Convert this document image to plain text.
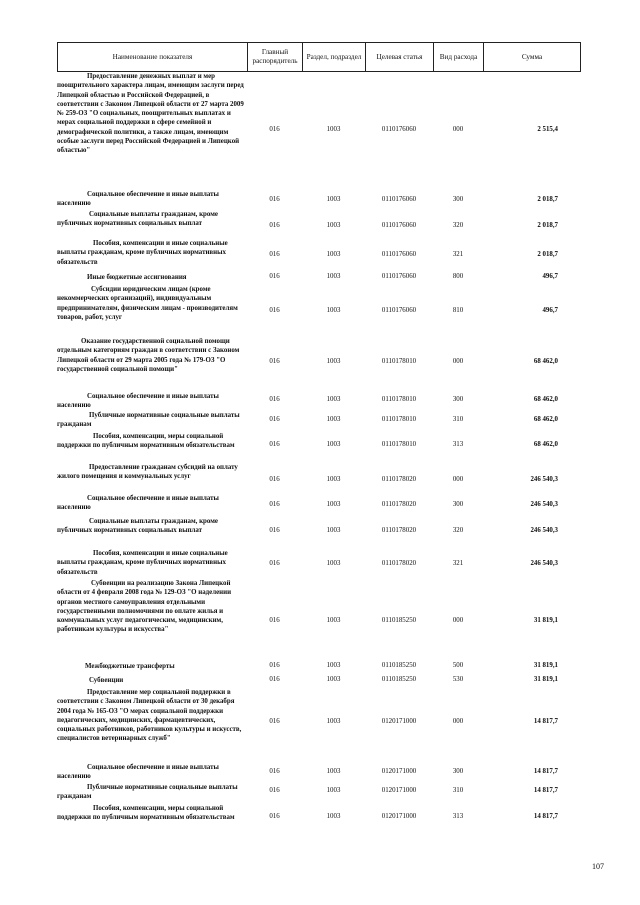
Наименование показателя	Главный распорядитель	Раздел, подраздел	Целевая статья	Вид расхода	Сумма
Предоставление денежных выплат и мер поощрительного характера лицам, имеющим заслуги перед Липецкой областью и Российской Федерацией, в соответствии с Законом Липецкой области от 27 марта 2009 № 259-ОЗ "О социальных, поощрительных выплатах и мерах социальной поддержки в сфере семейной и демографической политики, а также лицам, имеющим особые заслуги перед Российской Федерацией и Липецкой областью"
016	1003	0110176060	000	2 515,4
Социальное обеспечение и иные выплаты населению
016	1003	0110176060	300	2 018,7
Социальные выплаты гражданам, кроме публичных нормативных социальных выплат	016	1003	0110176060	320	2 018,7
Пособия, компенсации и иные социальные выплаты гражданам, кроме публичных нормативных обязательств
016	1003	0110176060	321	2 018,7
Иные бюджетные ассигнования	016	1003	0110176060	800	496,7
Субсидии юридическим лицам (кроме некоммерческих организаций), индивидуальным предпринимателям, физическим лицам - производителям товаров, работ, услуг
016	1003	0110176060	810	496,7
Оказание государственной социальной помощи отдельным категориям граждан в соответствии с Законом Липецкой области от 29 марта 2005 года № 179-ОЗ "О государственной социальной помощи"
016	1003	0110178010	000	68 462,0
Социальное обеспечение и иные выплаты населению
016	1003	0110178010	300	68 462,0
Публичные нормативные социальные выплаты гражданам
016	1003	0110178010	310	68 462,0
Пособия, компенсации, меры социальной поддержки по публичным нормативным обязательствам	016	1003	0110178010	313	68 462,0
Предоставление гражданам субсидий на оплату жилого помещения и коммунальных услуг	016	1003	0110178020	000	246 540,3
Социальное обеспечение и иные выплаты населению	016	1003	0110178020	300	246 540,3
Социальные выплаты гражданам, кроме публичных нормативных социальных выплат	016	1003	0110178020	320	246 540,3
Пособия, компенсации и иные социальные выплаты гражданам, кроме публичных нормативных обязательств
016	1003	0110178020	321	246 540,3
Субвенции на реализацию Закона Липецкой области от 4 февраля 2008 года № 129-ОЗ "О наделении органов местного самоуправления отдельными государственными полномочиями по оплате жилья и коммунальных услуг педагогическим, медицинским, работникам культуры и искусства"
016	1003	0110185250	000	31 819,1
Межбюджетные трансферты	016	1003	0110185250	500	31 819,1
Субвенции	016	1003	0110185250	530	31 819,1
Предоставление мер социальной поддержки в соответствии с Законом Липецкой области от 30 декабря 2004 года № 165-ОЗ "О мерах социальной поддержки педагогических, медицинских, фармацевтических, социальных работников, работников культуры и искусств, специалистов ветеринарных служб"
016	1003	0120171000	000	14 817,7
Социальное обеспечение и иные выплаты населению
016	1003	0120171000	300	14 817,7
Публичные нормативные социальные выплаты гражданам
016	1003	0120171000	310	14 817,7
Пособия, компенсации, меры социальной поддержки по публичным нормативным обязательствам	016	1003	0120171000	313	14 817,7
107
